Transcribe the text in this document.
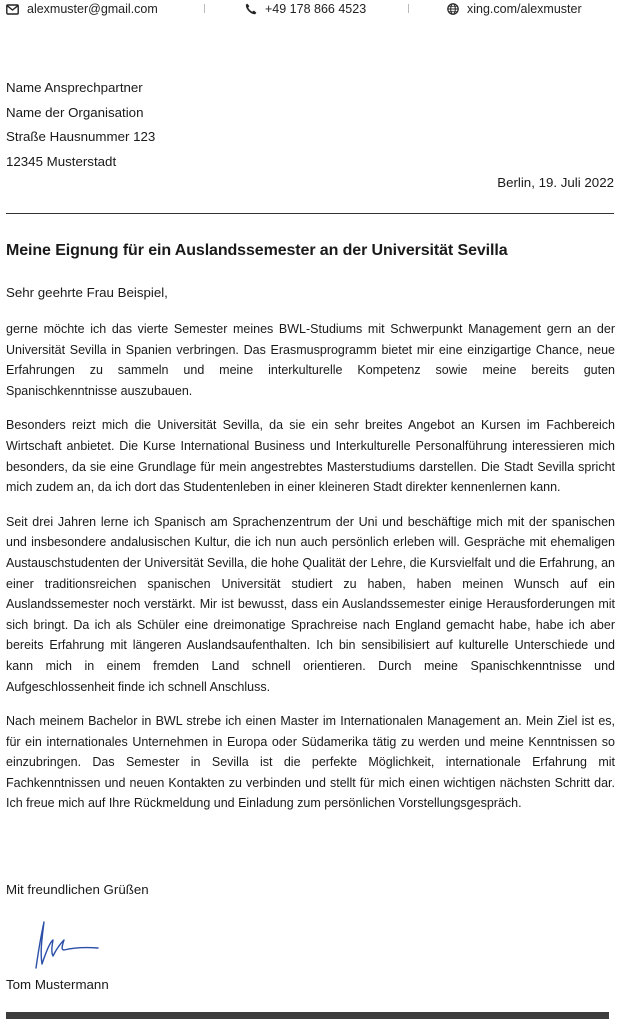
alexmuster@gmail.com	+49 178 866 4523	xing.com/alexmuster
Name Ansprechpartner
Name der Organisation
Straße Hausnummer 123
12345 Musterstadt
Berlin, 19. Juli 2022
Meine Eignung für ein Auslandssemester an der Universität Sevilla
Sehr geehrte Frau Beispiel,

gerne möchte ich das vierte Semester meines BWL-Studiums mit Schwerpunkt Management gern an der Universität Sevilla in Spanien verbringen. Das Erasmusprogramm bietet mir eine einzigartige Chance, neue Erfahrungen zu sammeln und meine interkulturelle Kompetenz sowie meine bereits guten Spanischkenntnisse auszubauen.

Besonders reizt mich die Universität Sevilla, da sie ein sehr breites Angebot an Kursen im Fachbereich Wirtschaft anbietet. Die Kurse International Business und Interkulturelle Personalführung interessieren mich besonders, da sie eine Grundlage für mein angestrebtes Masterstudiums darstellen. Die Stadt Sevilla spricht mich zudem an, da ich dort das Studentenleben in einer kleineren Stadt direkter kennenlernen kann.

Seit drei Jahren lerne ich Spanisch am Sprachenzentrum der Uni und beschäftige mich mit der spanischen und insbesondere andalusischen Kultur, die ich nun auch persönlich erleben will. Gespräche mit ehemaligen Austauschstudenten der Universität Sevilla, die hohe Qualität der Lehre, die Kursvielfalt und die Erfahrung, an einer traditionsreichen spanischen Universität studiert zu haben, haben meinen Wunsch auf ein Auslandssemester noch verstärkt. Mir ist bewusst, dass ein Auslandssemester einige Herausforderungen mit sich bringt. Da ich als Schüler eine dreimonatige Sprachreise nach England gemacht habe, habe ich aber bereits Erfahrung mit längeren Auslandsaufenthalten. Ich bin sensibilisiert auf kulturelle Unterschiede und kann mich in einem fremden Land schnell orientieren. Durch meine Spanischkenntnisse und Aufgeschlossenheit finde ich schnell Anschluss.

Nach meinem Bachelor in BWL strebe ich einen Master im Internationalen Management an. Mein Ziel ist es, für ein internationales Unternehmen in Europa oder Südamerika tätig zu werden und meine Kenntnissen so einzubringen. Das Semester in Sevilla ist die perfekte Möglichkeit, internationale Erfahrung mit Fachkenntnissen und neuen Kontakten zu verbinden und stellt für mich einen wichtigen nächsten Schritt dar. Ich freue mich auf Ihre Rückmeldung und Einladung zum persönlichen Vorstellungsgespräch.

Mit freundlichen Grüßen
Tom Mustermann
